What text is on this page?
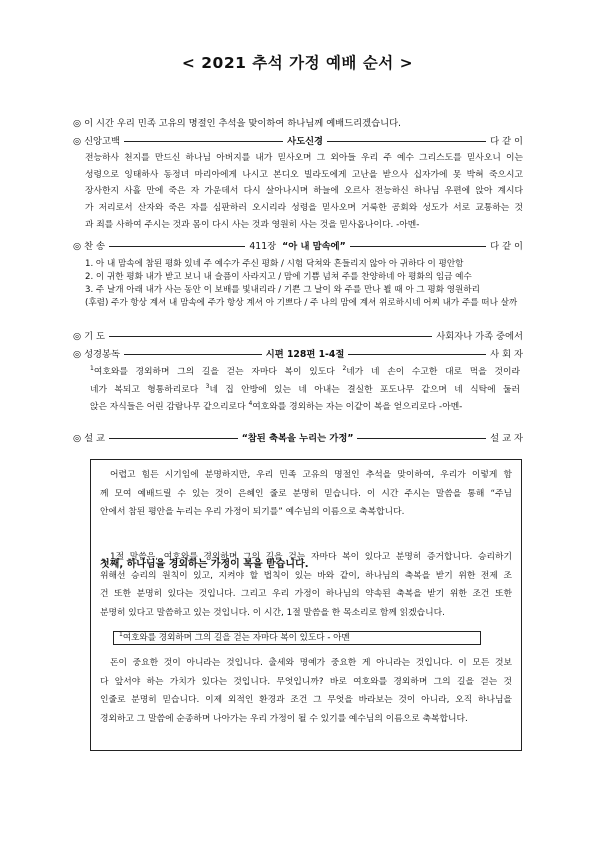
< 2021 추석 가정 예배 순서 >
◎ 이 시간 우리 민족 고유의 명절인 추석을 맞이하여 하나님께 예배드리겠습니다.
◎ 신앙고백	사도신경	다 같 이
전능하사 천지를 만드신 하나님 아버지를 내가 믿사오며 그 외아들 우리 주 예수 그리스도를 믿사오니 이는
성령으로 잉태하사 동정녀 마리아에게 나시고 본디오 빌라도에게 고난을 받으사 십자가에 못 박혀 죽으시고
장사한지 사흘 만에 죽은 자 가운데서 다시 살아나시며 하늘에 오르사 전능하신 하나님 우편에 앉아 계시다
가 저리로서 산자와 죽은 자를 심판하러 오시리라 성령을 믿사오며 거룩한 공회와 성도가 서로 교통하는 것
과 죄를 사하여 주시는 것과 몸이 다시 사는 것과 영원히 사는 것을 믿사옵나이다. -아멘-
◎ 찬 송	411장 “아 내 맘속에”	다 같 이
1. 아 내 맘속에 참된 평화 있네 주 예수가 주신 평화 / 시험 닥쳐와 흔들리지 않아 아 귀하다 이 평안함
2. 이 귀한 평화 내가 받고 보니 내 슬픔이 사라지고 / 맘에 기쁨 넘쳐 주를 찬양하네 아 평화의 임금 예수
3. 주 날개 아래 내가 사는 동안 이 보배를 빛내리라 / 기쁜 그 날이 와 주를 만나 뵐 때 아 그 평화 영원하리
(후렴) 주가 항상 계셔 내 맘속에 주가 항상 계셔 아 기쁘다 / 주 나의 맘에 계셔 위로하시네 어찌 내가 주를 떠나 살까
◎ 기 도	사회자나 가족 중에서
◎ 성경봉독	시편 128편 1-4절	사 회 자
$^1$여호와를 경외하며 그의 길을 걷는 자마다 복이 있도다 $^2$네가 네 손이 수고한 대로 먹을 것이라
네가 복되고 형통하리로다 $^3$네 집 안방에 있는 네 아내는 결실한 포도나무 같으며 네 식탁에 둘러
앉은 자식들은 어린 감람나무 같으리로다 $^4$여호와를 경외하는 자는 이같이 복을 얻으리로다 -아멘-
◎ 설 교	“참된 축복을 누리는 가정”	설 교 자
어렵고 힘든 시기임에 분명하지만, 우리 민족 고유의 명절인 추석을 맞이하여, 우리가 이렇게 함
께 모여 예배드릴 수 있는 것이 은혜인 줄로 분명히 믿습니다. 이 시간 주시는 말씀을 통해 “주님
안에서 참된 평안을 누리는 우리 가정이 되기를” 예수님의 이름으로 축복합니다.
첫째, 하나님을 경외하는 가정이 복을 받습니다.
1절 말씀은, 여호와를 경외하며 그의 길을 걷는 자마다 복이 있다고 분명히 증거합니다. 승리하기
위해선 승리의 원칙이 있고, 지켜야 할 법칙이 있는 바와 같이, 하나님의 축복을 받기 위한 전제 조
건 또한 분명히 있다는 것입니다. 그리고 우리 가정이 하나님의 약속된 축복을 받기 위한 조건 또한
분명히 있다고 말씀하고 있는 것입니다. 이 시간, 1절 말씀을 한 목소리로 함께 읽겠습니다.
$^1$여호와를 경외하며 그의 길을 걷는 자마다 복이 있도다 - 아멘
돈이 중요한 것이 아니라는 것입니다. 출세와 명예가 중요한 게 아니라는 것입니다. 이 모든 것보
다 앞서야 하는 가치가 있다는 것입니다. 무엇입니까? 바로 여호와를 경외하며 그의 길을 걷는 것
인줄로 분명히 믿습니다. 이제 외적인 환경과 조건 그 무엇을 바라보는 것이 아니라, 오직 하나님을
경외하고 그 말씀에 순종하며 나아가는 우리 가정이 될 수 있기를 예수님의 이름으로 축복합니다.
